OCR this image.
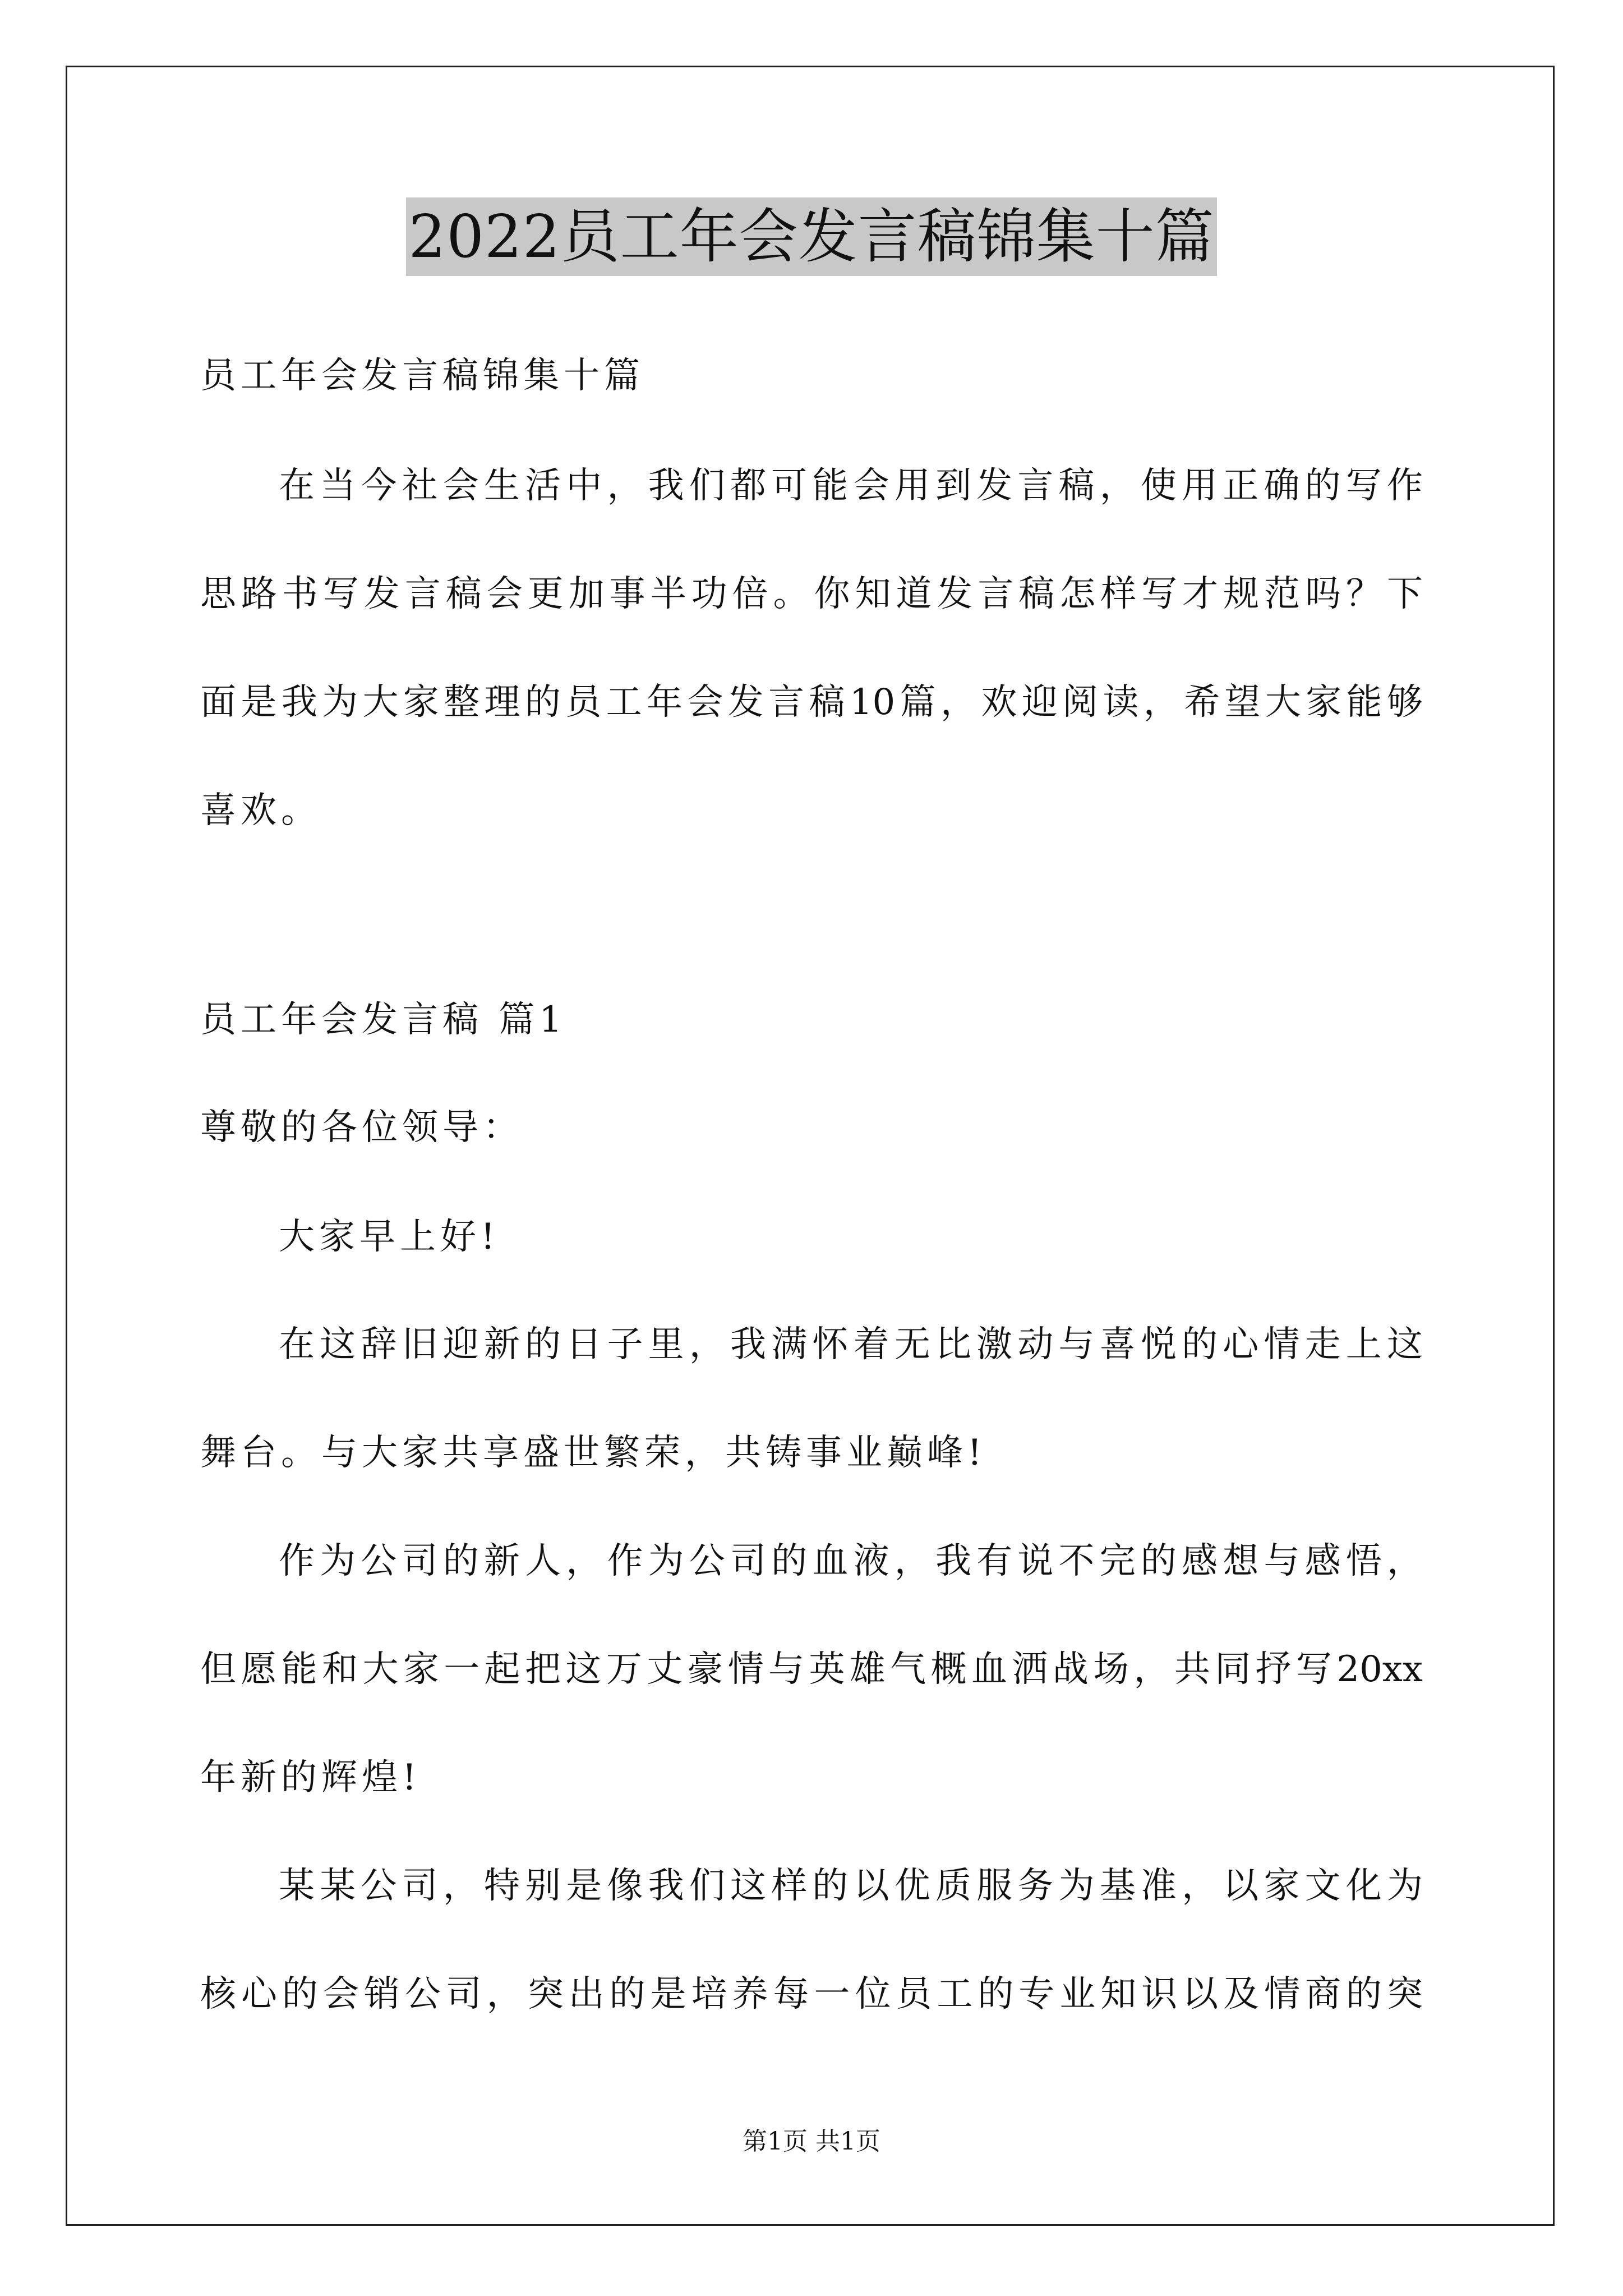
2022员工年会发言稿锦集十篇
员工年会发言稿锦集十篇
在当今社会生活中，我们都可能会用到发言稿，使用正确的写作
思路书写发言稿会更加事半功倍。你知道发言稿怎样写才规范吗？下
面是我为大家整理的员工年会发言稿10篇，欢迎阅读，希望大家能够
喜欢。
员工年会发言稿 篇1
尊敬的各位领导：
大家早上好!
在这辞旧迎新的日子里，我满怀着无比激动与喜悦的心情走上这
舞台。与大家共享盛世繁荣，共铸事业巅峰!
作为公司的新人，作为公司的血液，我有说不完的感想与感悟，
但愿能和大家一起把这万丈豪情与英雄气概血洒战场，共同抒写20xx
年新的辉煌!
某某公司，特别是像我们这样的以优质服务为基准，以家文化为
核心的会销公司，突出的是培养每一位员工的专业知识以及情商的突
第1页 共1页
